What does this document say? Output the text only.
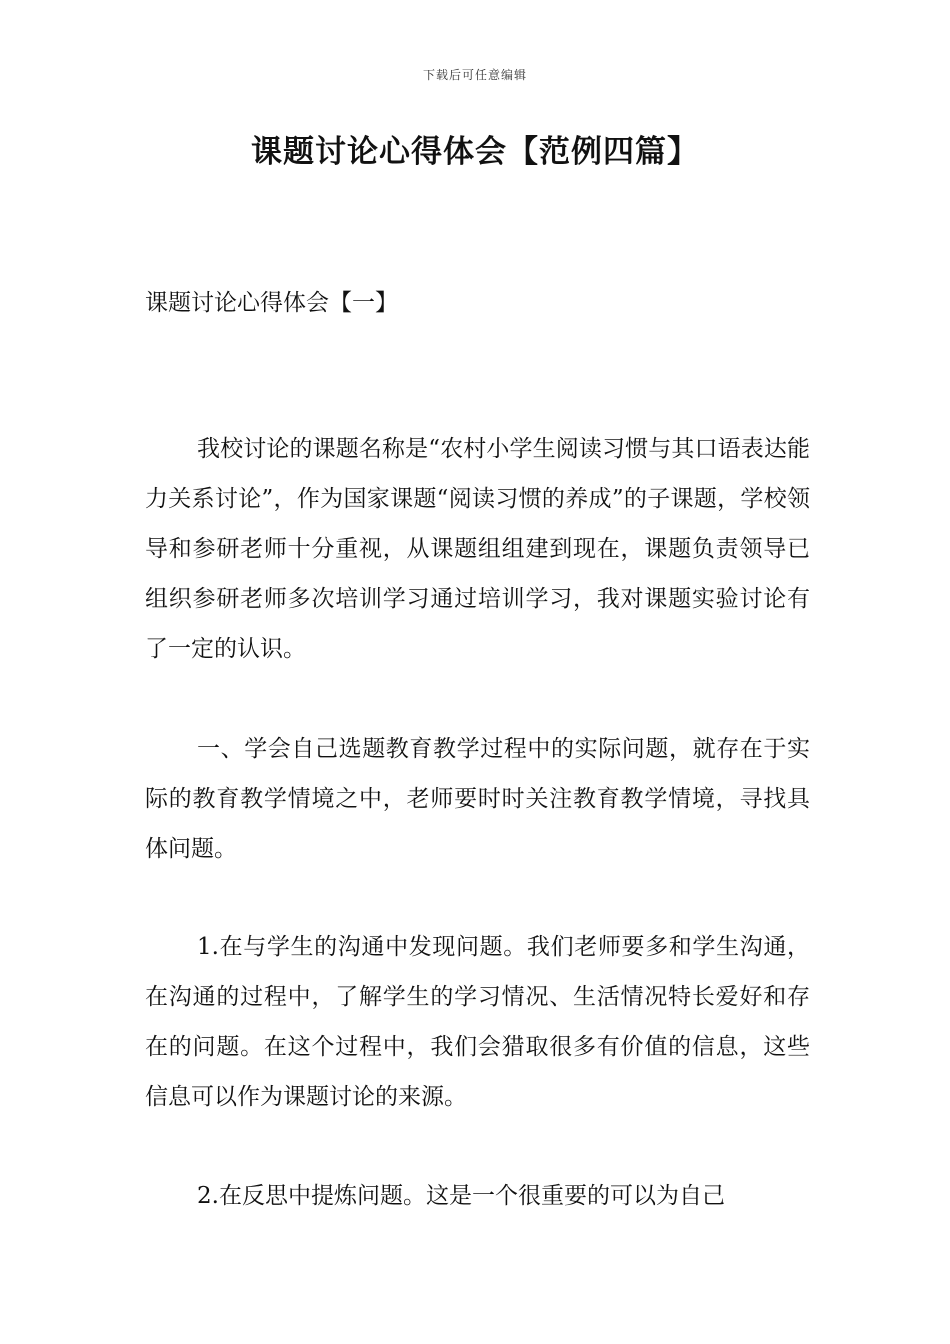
下载后可任意编辑
课题讨论心得体会【范例四篇】
课题讨论心得体会【一】

我校讨论的课题名称是“农村小学生阅读习惯与其口语表达能力关系讨论”，作为国家课题“阅读习惯的养成”的子课题，学校领导和参研老师十分重视，从课题组组建到现在，课题负责领导已组织参研老师多次培训学习通过培训学习，我对课题实验讨论有了一定的认识。

一、学会自己选题教育教学过程中的实际问题，就存在于实际的教育教学情境之中，老师要时时关注教育教学情境，寻找具体问题。

1.在与学生的沟通中发现问题。我们老师要多和学生沟通，在沟通的过程中，了解学生的学习情况、生活情况特长爱好和存在的问题。在这个过程中，我们会猎取很多有价值的信息，这些信息可以作为课题讨论的来源。

2.在反思中提炼问题。这是一个很重要的可以为自己
